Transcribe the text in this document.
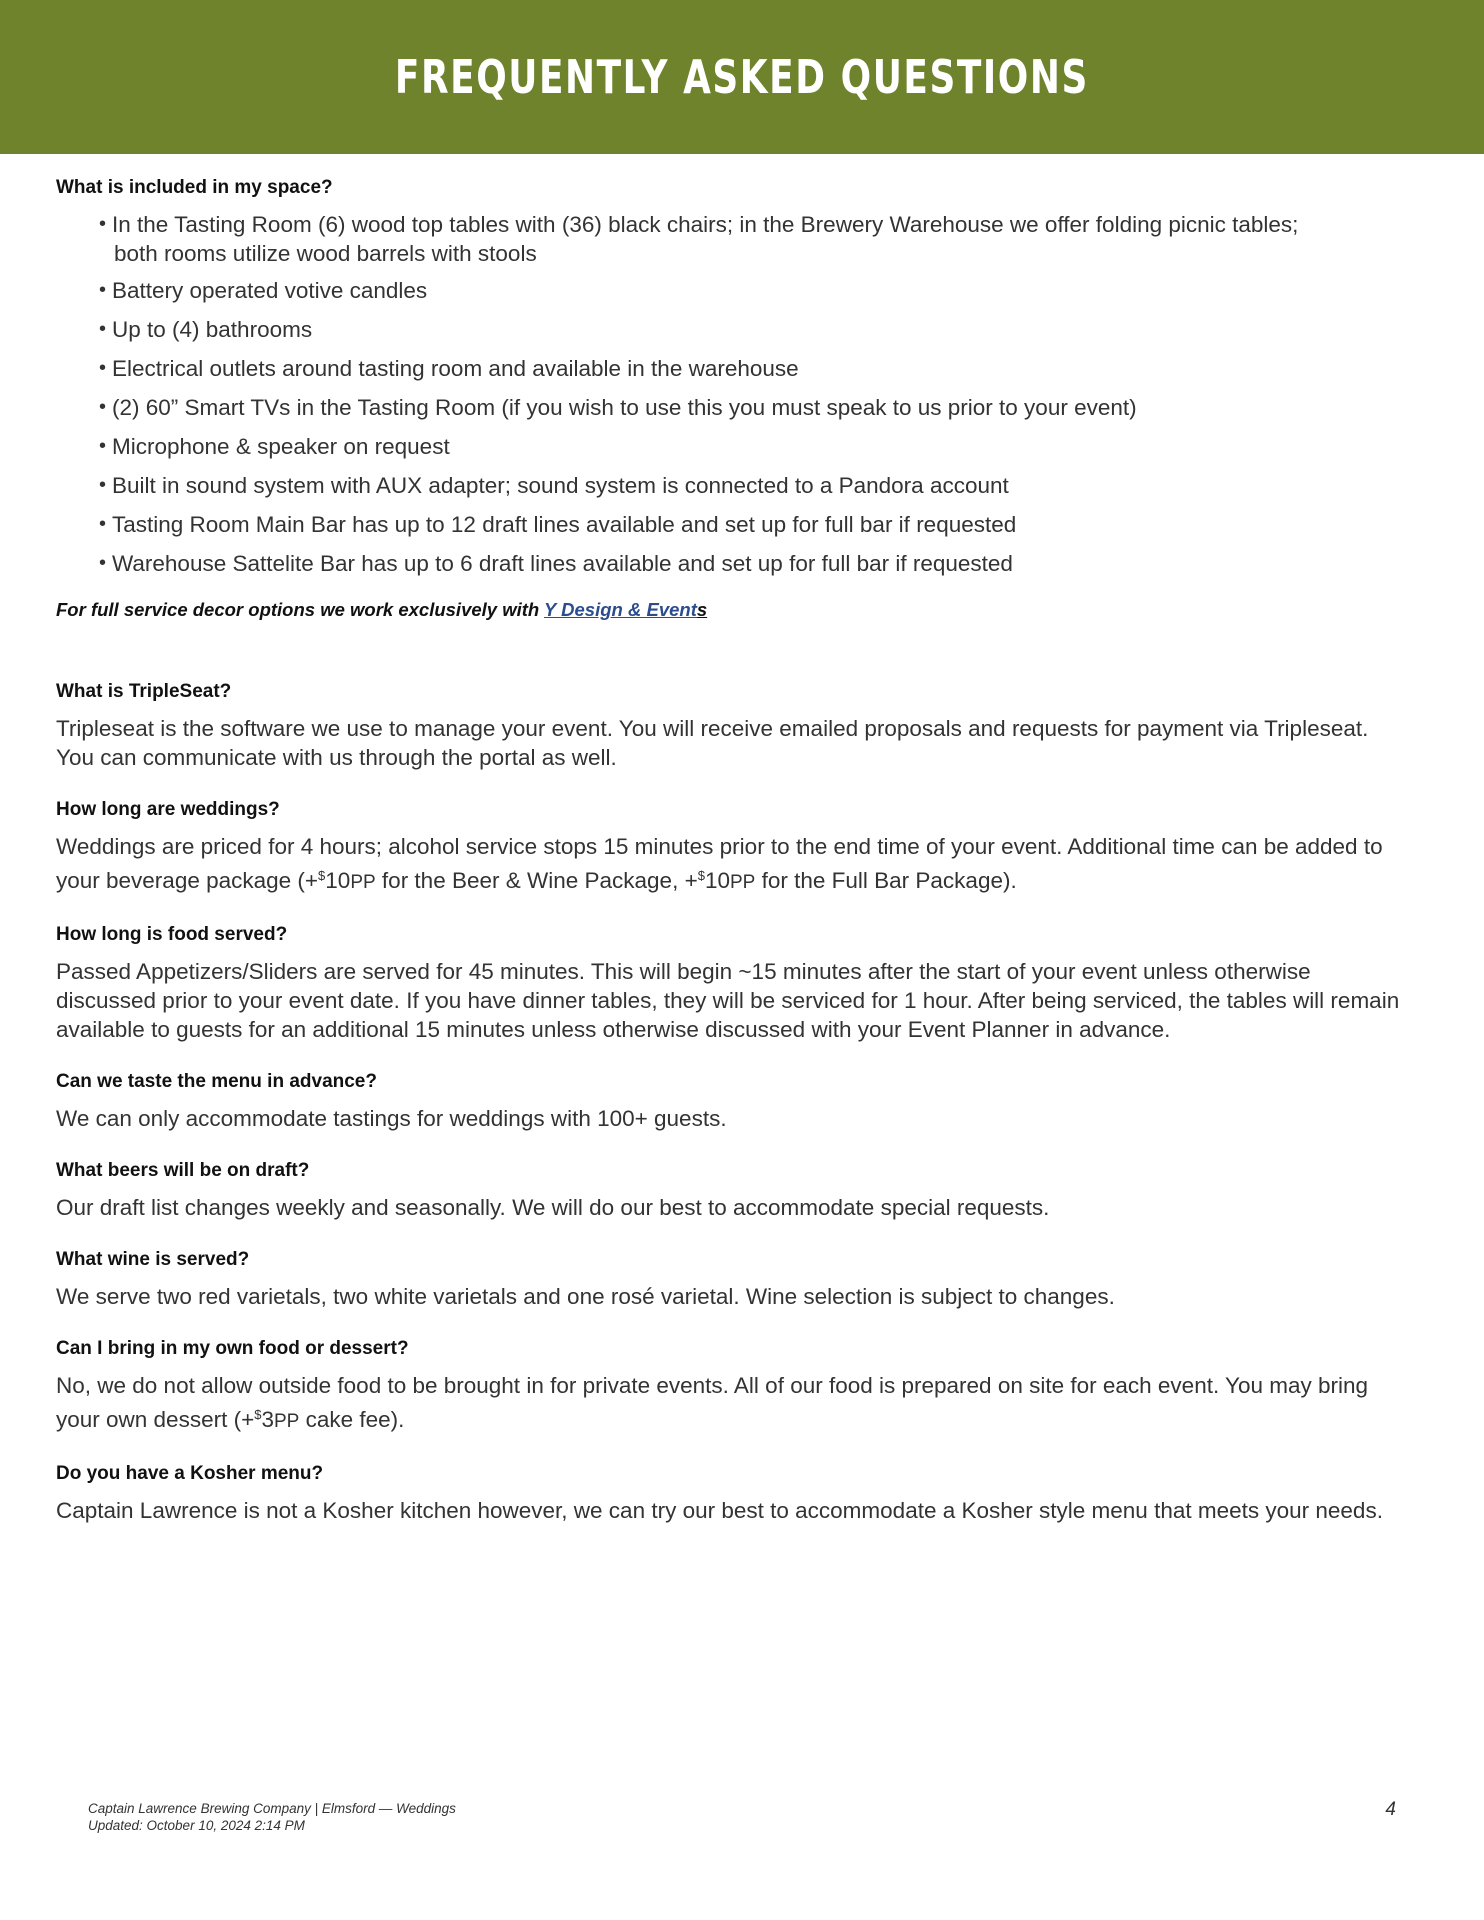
FREQUENTLY ASKED QUESTIONS

What is included in my space?

• In the Tasting Room (6) wood top tables with (36) black chairs; in the Brewery Warehouse we offer folding picnic tables;
both rooms utilize wood barrels with stools
• Battery operated votive candles
• Up to (4) bathrooms
• Electrical outlets around tasting room and available in the warehouse
• (2) 60” Smart TVs in the Tasting Room (if you wish to use this you must speak to us prior to your event)
• Microphone & speaker on request
• Built in sound system with AUX adapter; sound system is connected to a Pandora account
• Tasting Room Main Bar has up to 12 draft lines available and set up for full bar if requested
• Warehouse Sattelite Bar has up to 6 draft lines available and set up for full bar if requested

For full service decor options we work exclusively with Y Design & Events

What is TripleSeat?

Tripleseat is the software we use to manage your event. You will receive emailed proposals and requests for payment via Tripleseat.
You can communicate with us through the portal as well.

How long are weddings?

Weddings are priced for 4 hours; alcohol service stops 15 minutes prior to the end time of your event. Additional time can be added to
your beverage package (+$10PP for the Beer & Wine Package, +$10PP for the Full Bar Package).

How long is food served?

Passed Appetizers/Sliders are served for 45 minutes. This will begin ~15 minutes after the start of your event unless otherwise
discussed prior to your event date. If you have dinner tables, they will be serviced for 1 hour. After being serviced, the tables will remain
available to guests for an additional 15 minutes unless otherwise discussed with your Event Planner in advance.

Can we taste the menu in advance?

We can only accommodate tastings for weddings with 100+ guests.

What beers will be on draft?

Our draft list changes weekly and seasonally. We will do our best to accommodate special requests.

What wine is served?

We serve two red varietals, two white varietals and one rosé varietal. Wine selection is subject to changes.

Can I bring in my own food or dessert?

No, we do not allow outside food to be brought in for private events. All of our food is prepared on site for each event. You may bring
your own dessert (+$3PP cake fee).

Do you have a Kosher menu?

Captain Lawrence is not a Kosher kitchen however, we can try our best to accommodate a Kosher style menu that meets your needs.

Captain Lawrence Brewing Company | Elmsford — Weddings
Updated: October 10, 2024 2:14 PM
4
